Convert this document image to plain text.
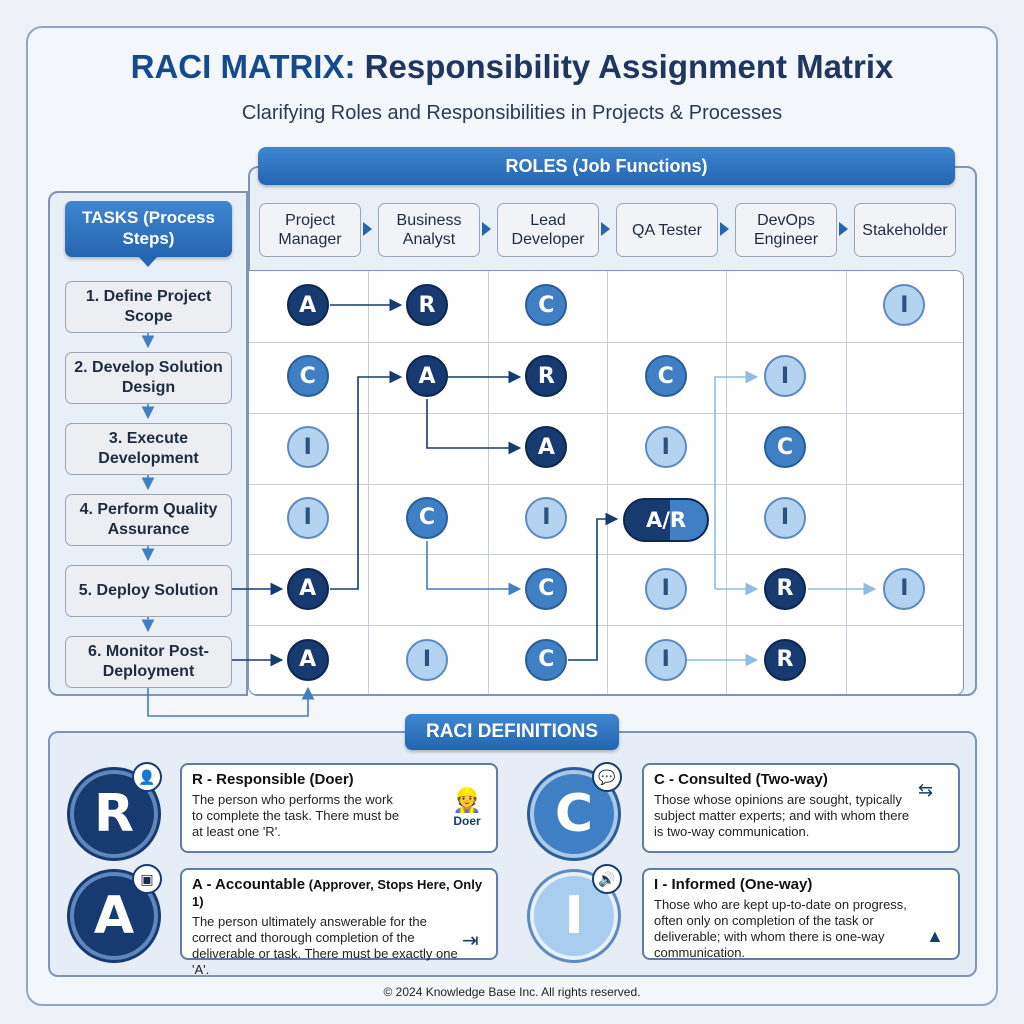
RACI MATRIX: Responsibility Assignment Matrix
Clarifying Roles and Responsibilities in Projects & Processes
ROLES (Job Functions)
Project Manager
Business Analyst
Lead Developer
QA Tester
DevOps Engineer
Stakeholder
TASKS (Process Steps)
1. Define Project Scope
2. Develop Solution Design
3. Execute Development
4. Perform Quality Assurance
5. Deploy Solution
6. Monitor Post-Deployment
A	R	C	I
C	A	R	C	I
I	A	I	C
I	C	I	A/R	I
A	C	I	R	I
A	I	C	I	R
RACI DEFINITIONS
R
👤
A
▣
C
💬
I
🔊
R - Responsible (Doer)
The person who performs the work to complete the task. There must be at least one 'R'.
👷
Doer
A - Accountable (Approver, Stops Here, Only 1)
The person ultimately answerable for the correct and thorough completion of the deliverable or task. There must be exactly one 'A'.
⇥
C - Consulted (Two-way)
Those whose opinions are sought, typically subject matter experts; and with whom there is two-way communication.
⇆
I - Informed (One-way)
Those who are kept up-to-date on progress, often only on completion of the task or deliverable; with whom there is one-way communication.
▲
© 2024 Knowledge Base Inc. All rights reserved.
